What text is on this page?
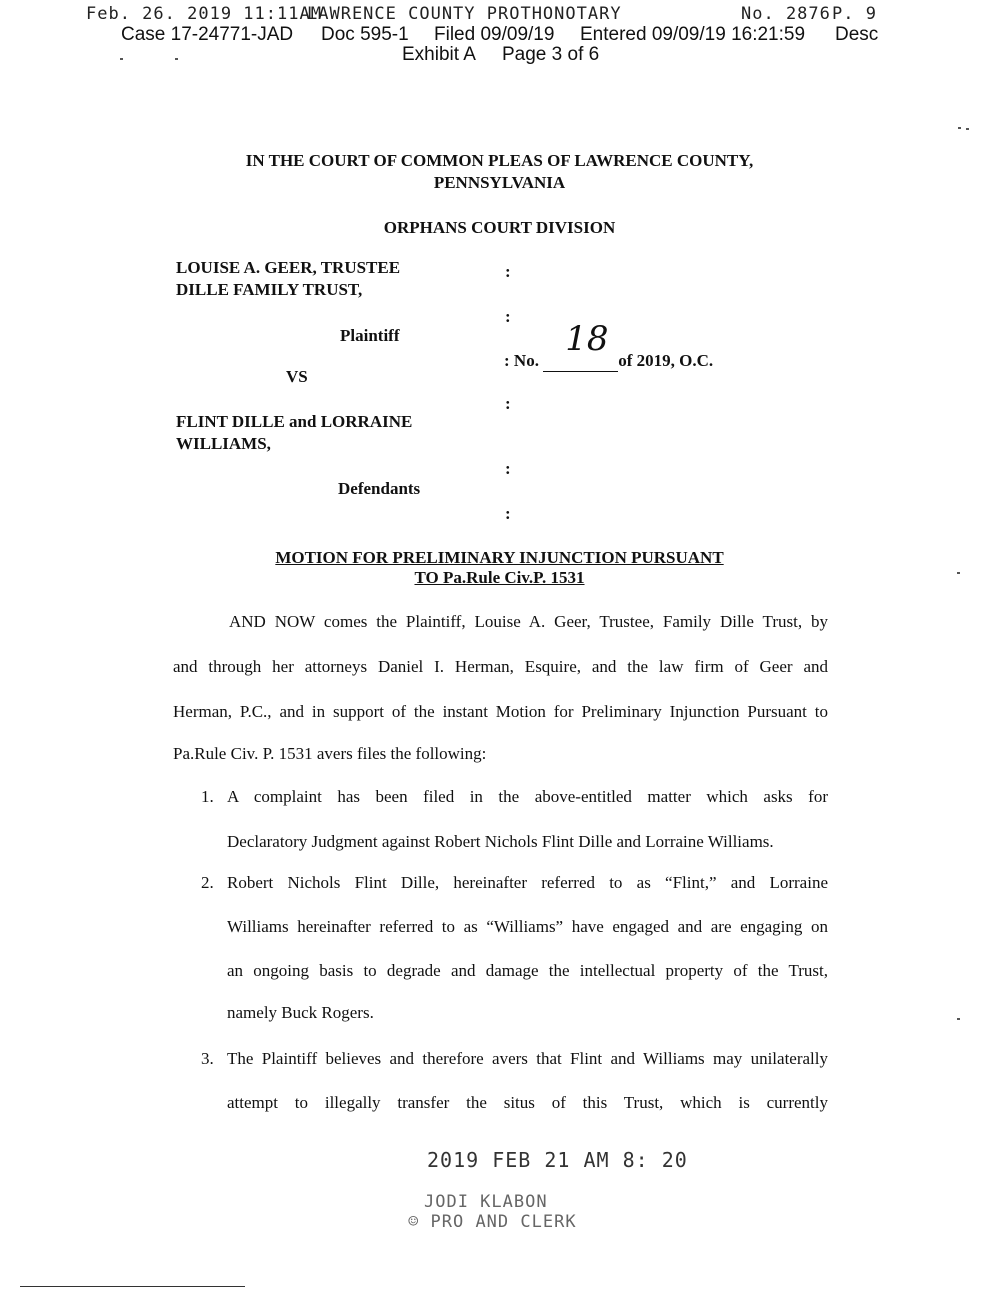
Feb. 26. 2019 11:11AM
LAWRENCE COUNTY PROTHONOTARY	No. 2876 P. 9
Case 17-24771-JAD Doc 595-1 Filed 09/09/19 Entered 09/09/19 16:21:59 Desc
Exhibit A Page 3 of 6
IN THE COURT OF COMMON PLEAS OF LAWRENCE COUNTY,
PENNSYLVANIA
ORPHANS COURT DIVISION
LOUISE A. GEER, TRUSTEE
DILLE FAMILY TRUST,
Plaintiff
VS
FLINT DILLE and LORRAINE
WILLIAMS,
Defendants
:
:
: No.
18
of 2019, O.C.
:
:
:
MOTION FOR PRELIMINARY INJUNCTION PURSUANT
TO Pa.Rule Civ.P. 1531
AND NOW comes the Plaintiff, Louise A. Geer, Trustee, Family Dille Trust, by
and through her attorneys Daniel I. Herman, Esquire, and the law firm of Geer and
Herman, P.C., and in support of the instant Motion for Preliminary Injunction Pursuant to
Pa.Rule Civ. P. 1531 avers files the following:
1. A complaint has been filed in the above-entitled matter which asks for
Declaratory Judgment against Robert Nichols Flint Dille and Lorraine Williams.
2. Robert Nichols Flint Dille, hereinafter referred to as “Flint,” and Lorraine
Williams hereinafter referred to as “Williams” have engaged and are engaging on
an ongoing basis to degrade and damage the intellectual property of the Trust,
namely Buck Rogers.
3. The Plaintiff believes and therefore avers that Flint and Williams may unilaterally
attempt to illegally transfer the situs of this Trust, which is currently
2019 FEB 21 AM 8: 20
JODI KLABON
☺ PRO AND CLERK
